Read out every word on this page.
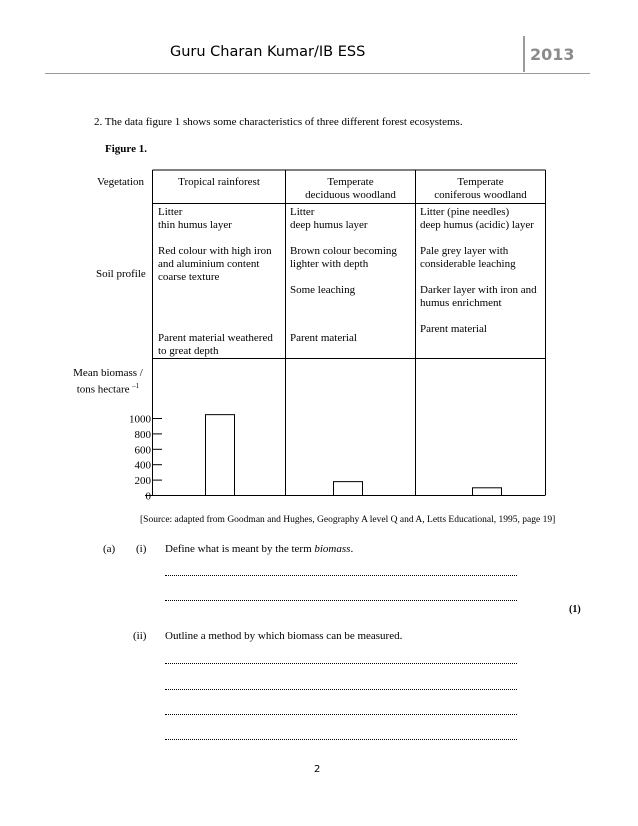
Guru Charan Kumar/IB ESS	2013
2. The data figure 1 shows some characteristics of three different forest ecosystems.
Figure 1.
0
200
400
600
800
1000
Vegetation
Soil profile
Tropical rainforest	Temperate
deciduous woodland
Temperate
coniferous woodland
Litter
thin humus layer
Red colour with high iron
and aluminium content
coarse texture
Parent material weathered
to great depth
Litter
deep humus layer
Brown colour becoming
lighter with depth
Some leaching
Parent material
Litter (pine needles)
deep humus (acidic) layer
Pale grey layer with
considerable leaching
Darker layer with iron and
humus enrichment
Parent material
Mean biomass /
tons hectare $^{-1}$
[Source: adapted from Goodman and Hughes, Geography A level Q and A, Letts Educational, 1995, page 19]
(a) (i) Define what is meant by the term biomass.
(1)
(ii) Outline a method by which biomass can be measured.
2
